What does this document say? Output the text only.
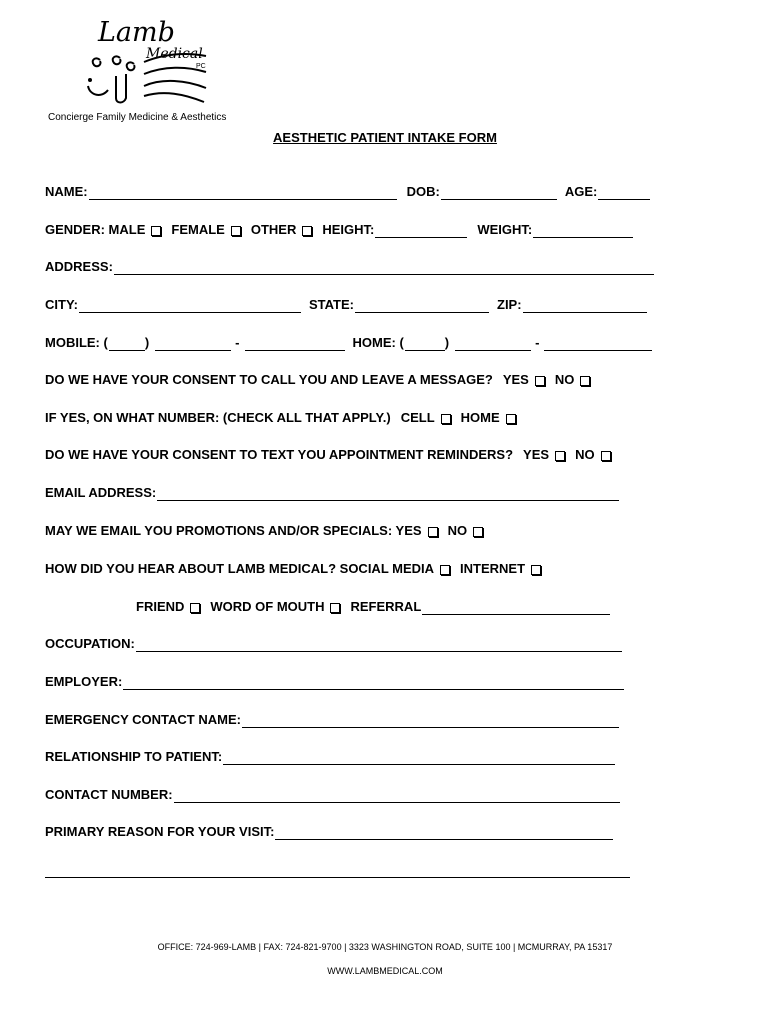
Lamb
Medical
PC
Concierge Family Medicine & Aesthetics
AESTHETIC PATIENT INTAKE FORM
NAME:	DOB:	AGE:
GENDER: MALE FEMALE OTHER HEIGHT:	WEIGHT:
ADDRESS:
CITY:	STATE:	ZIP:
MOBILE: (	)	-	HOME: (	)	-
DO WE HAVE YOUR CONSENT TO CALL YOU AND LEAVE A MESSAGE? YES NO
IF YES, ON WHAT NUMBER: (CHECK ALL THAT APPLY.) CELL HOME
DO WE HAVE YOUR CONSENT TO TEXT YOU APPOINTMENT REMINDERS? YES NO
EMAIL ADDRESS:
MAY WE EMAIL YOU PROMOTIONS AND/OR SPECIALS: YES NO
HOW DID YOU HEAR ABOUT LAMB MEDICAL? SOCIAL MEDIA INTERNET
FRIEND WORD OF MOUTH REFERRAL
OCCUPATION:
EMPLOYER:
EMERGENCY CONTACT NAME:
RELATIONSHIP TO PATIENT:
CONTACT NUMBER:
PRIMARY REASON FOR YOUR VISIT:
OFFICE: 724-969-LAMB | FAX: 724-821-9700 | 3323 WASHINGTON ROAD, SUITE 100 | MCMURRAY, PA 15317
WWW.LAMBMEDICAL.COM
